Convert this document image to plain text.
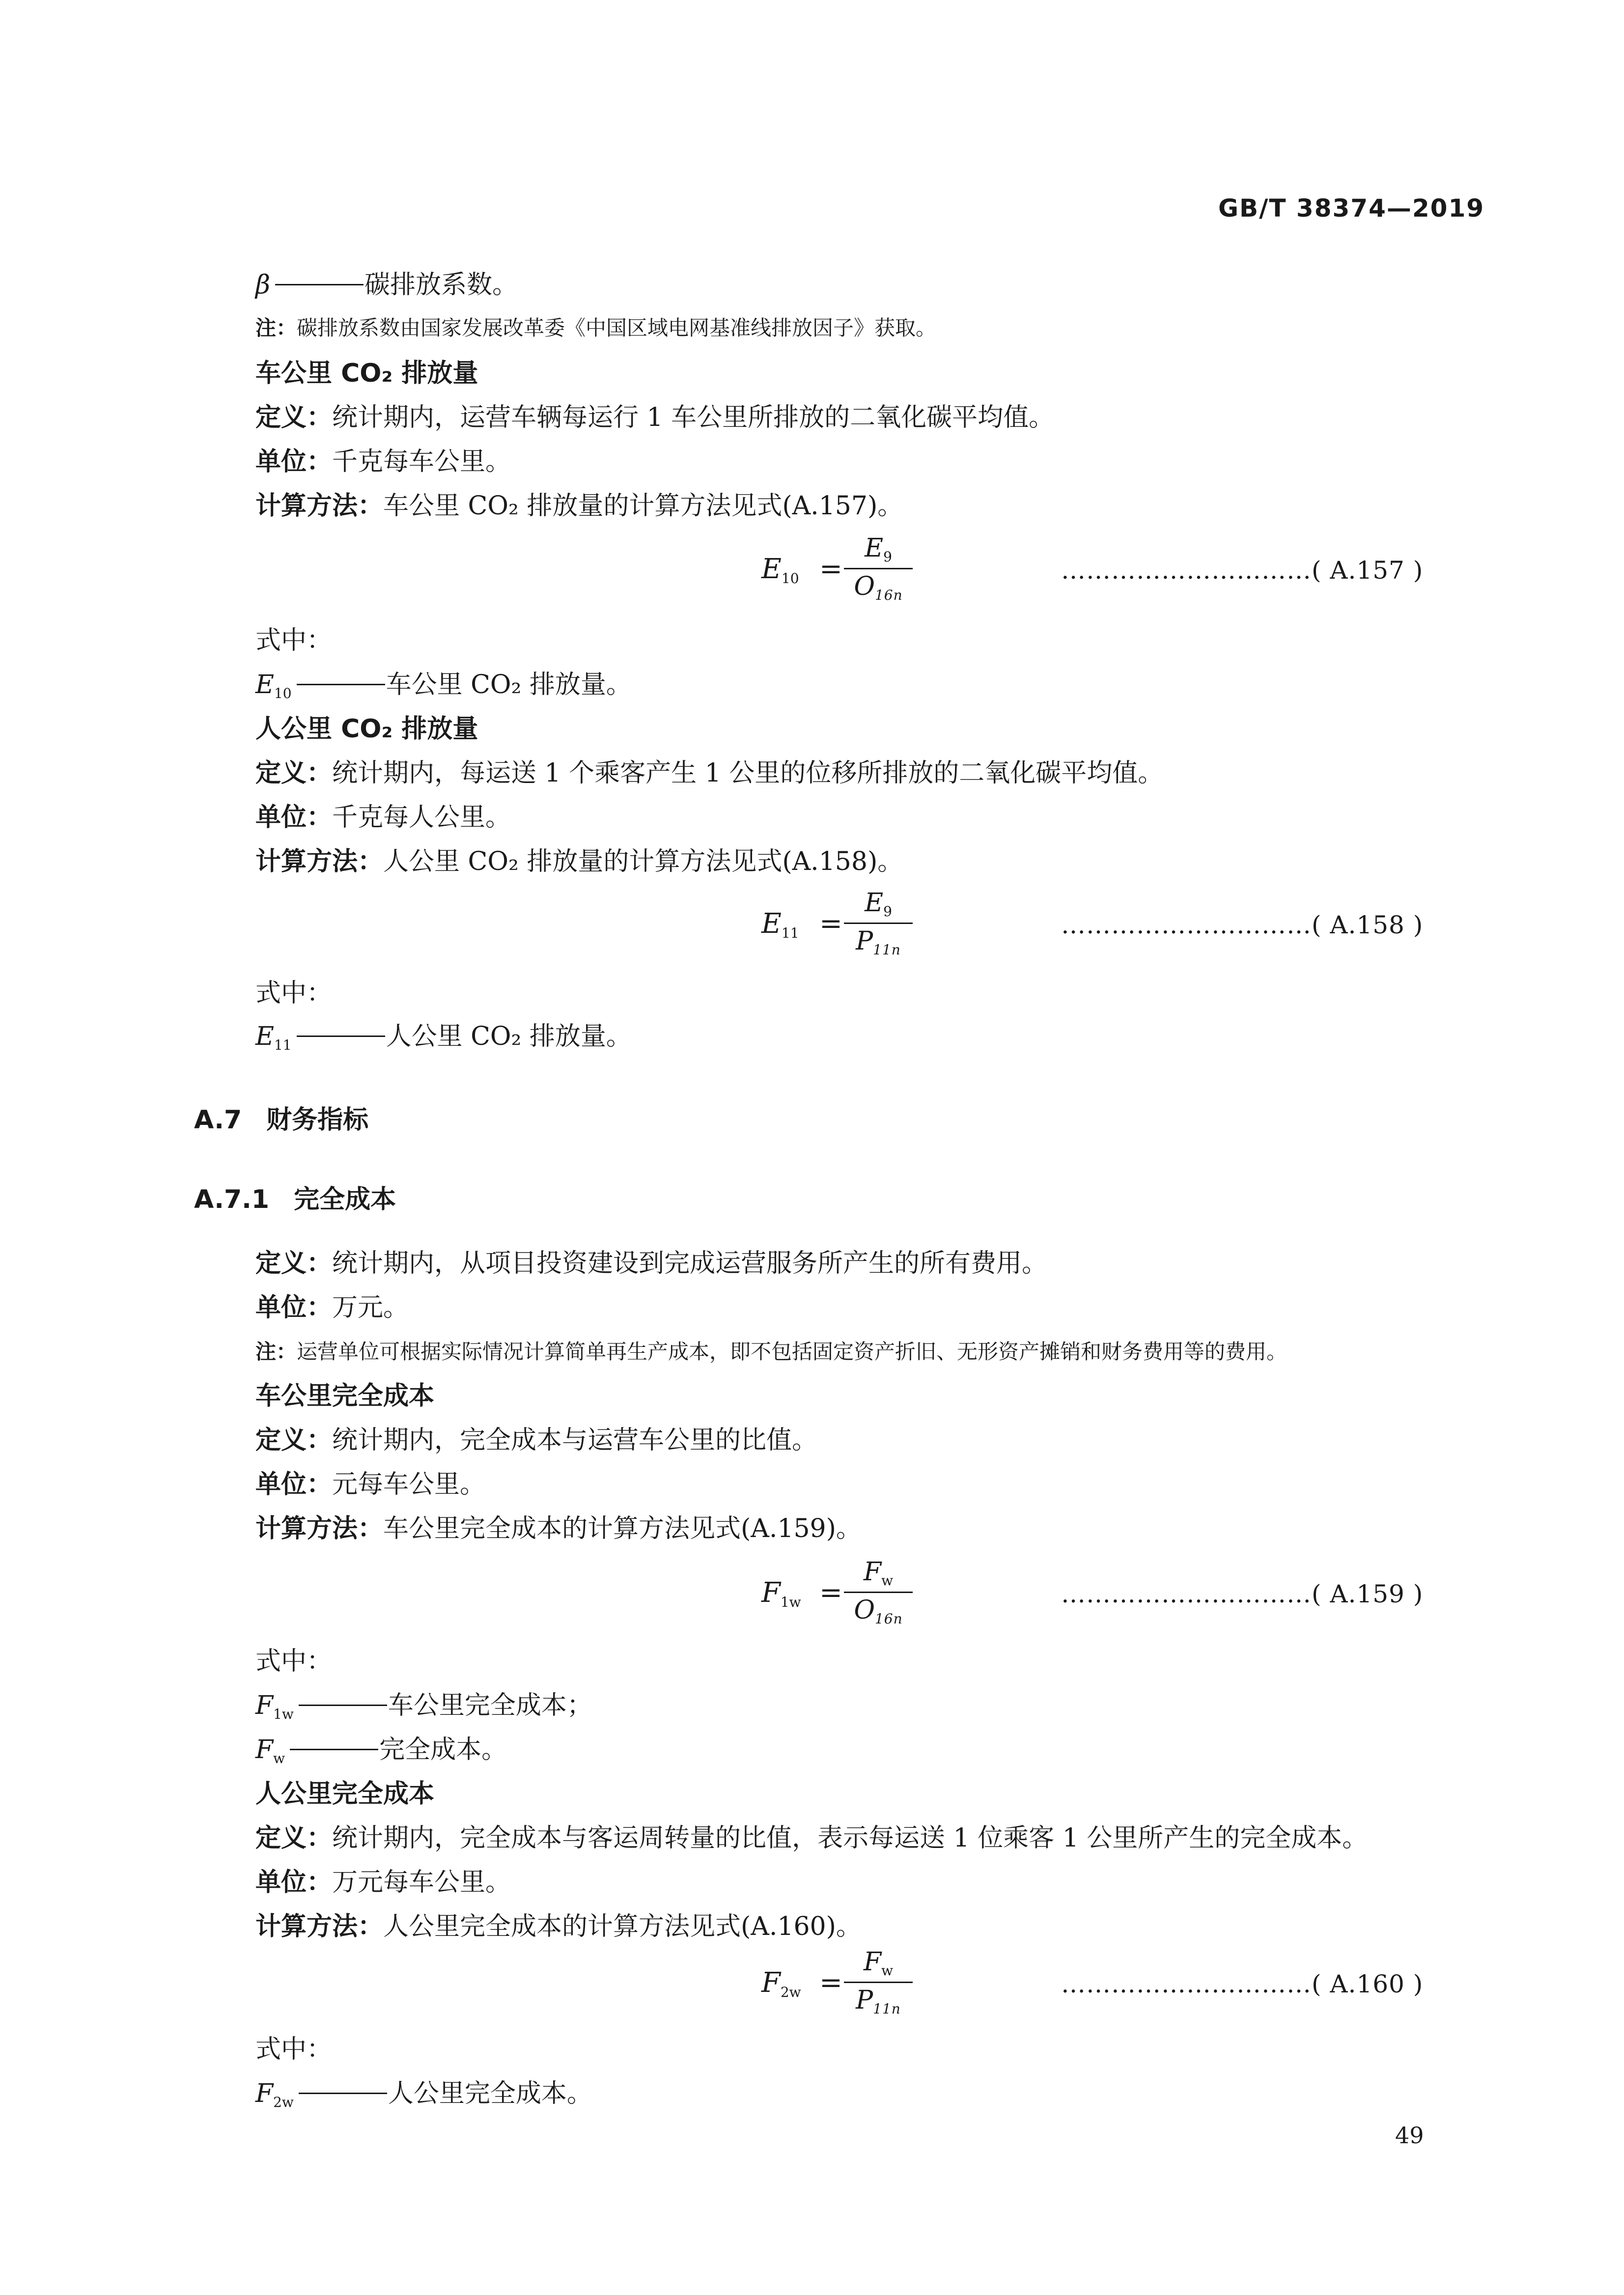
GB/T 38374—2019
β	碳排放系数。
注：碳排放系数由国家发展改革委《中国区域电网基准线排放因子》获取。
车公里 CO₂ 排放量
定义：统计期内，运营车辆每运行 1 车公里所排放的二氧化碳平均值。
单位：千克每车公里。
计算方法：车公里 CO₂ 排放量的计算方法见式(A.157)。
E10 =
E9
$O_{16n}$
…………………………( A.157 )
式中：
E10	车公里 CO₂ 排放量。
人公里 CO₂ 排放量
定义：统计期内，每运送 1 个乘客产生 1 公里的位移所排放的二氧化碳平均值。
单位：千克每人公里。
计算方法：人公里 CO₂ 排放量的计算方法见式(A.158)。
E11 =
E9
$P_{11n}$
…………………………( A.158 )
式中：
E11	人公里 CO₂ 排放量。
A.7 财务指标
A.7.1 完全成本
定义：统计期内，从项目投资建设到完成运营服务所产生的所有费用。
单位：万元。
注：运营单位可根据实际情况计算简单再生产成本，即不包括固定资产折旧、无形资产摊销和财务费用等的费用。
车公里完全成本
定义：统计期内，完全成本与运营车公里的比值。
单位：元每车公里。
计算方法：车公里完全成本的计算方法见式(A.159)。
F1w =
Fw
$O_{16n}$
…………………………( A.159 )
式中：
F1w	车公里完全成本；
Fw	完全成本。
人公里完全成本
定义：统计期内，完全成本与客运周转量的比值，表示每运送 1 位乘客 1 公里所产生的完全成本。
单位：万元每车公里。
计算方法：人公里完全成本的计算方法见式(A.160)。
F2w =
Fw
$P_{11n}$
…………………………( A.160 )
式中：
F2w	人公里完全成本。
49
